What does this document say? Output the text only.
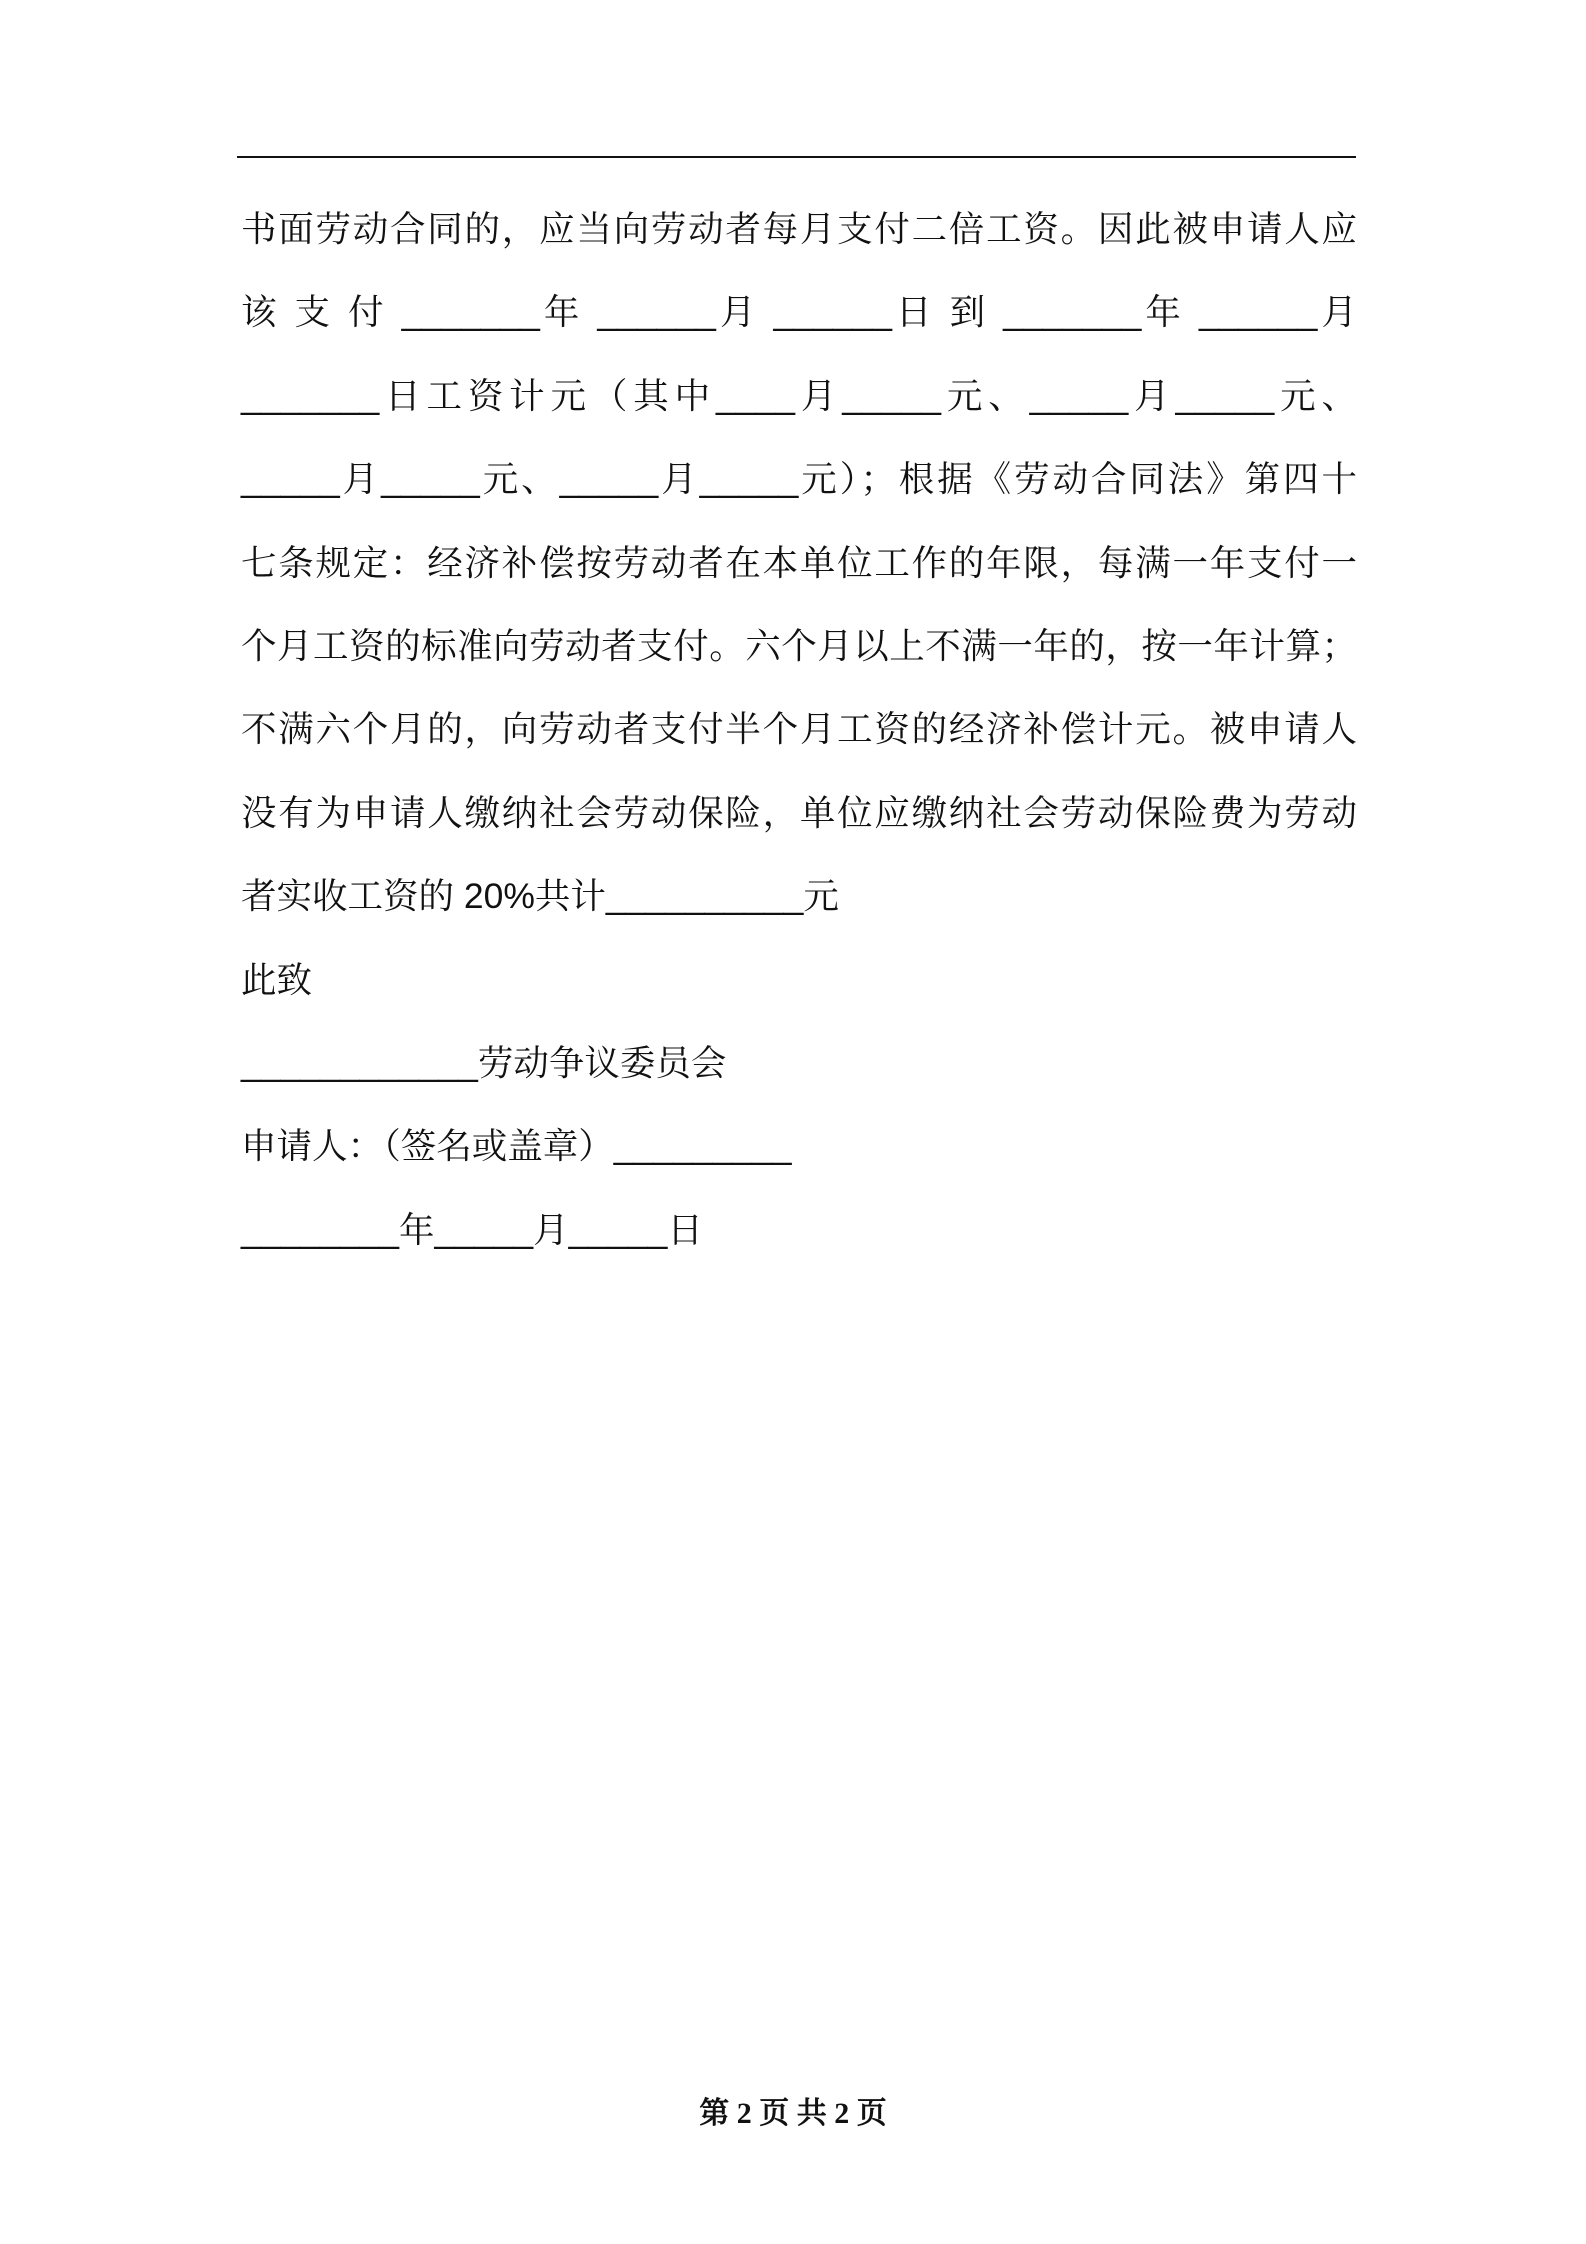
书面劳动合同的，应当向劳动者每月支付二倍工资。因此被申请人应
该 支 付 _______年 ______月 ______日 到 _______年 ______月
_______日工资计元（其中____月_____元、_____月_____元、
_____月_____元、_____月_____元）；根据《劳动合同法》第四十
七条规定：经济补偿按劳动者在本单位工作的年限，每满一年支付一
个月工资的标准向劳动者支付。六个月以上不满一年的，按一年计算；
不满六个月的，向劳动者支付半个月工资的经济补偿计元。被申请人
没有为申请人缴纳社会劳动保险，单位应缴纳社会劳动保险费为劳动
者实收工资的 20%共计__________元
此致
____________劳动争议委员会
申请人：（签名或盖章）_________
________年_____月_____日
第 2 页 共 2 页
